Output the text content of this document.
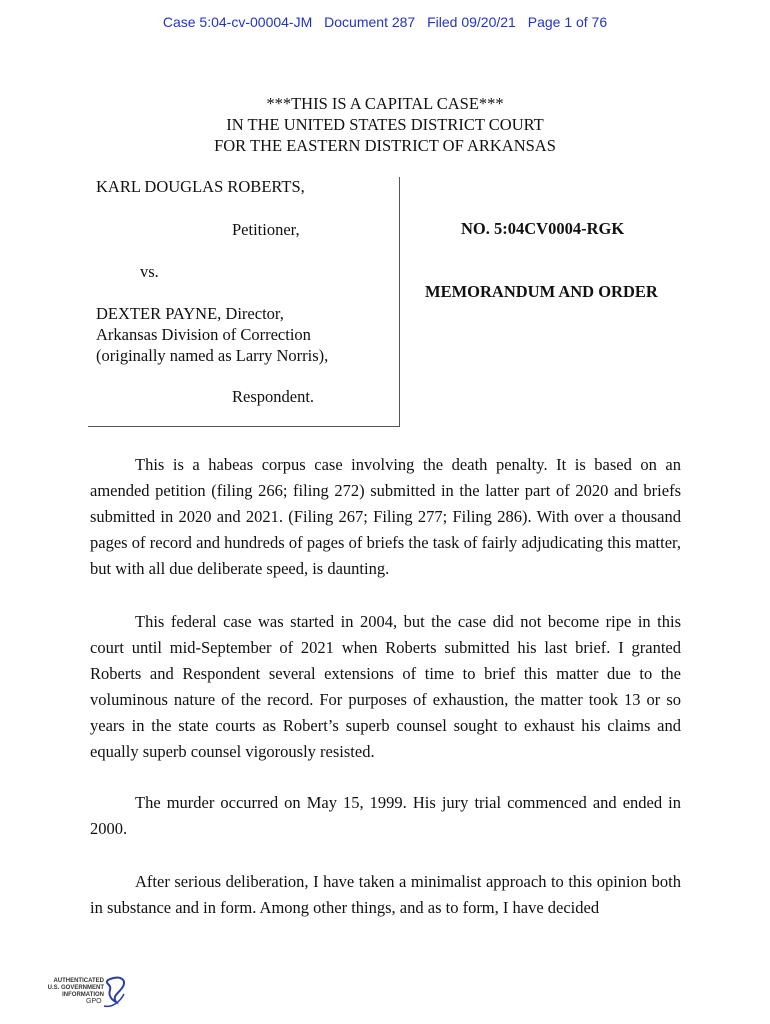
Case 5:04-cv-00004-JM Document 287 Filed 09/20/21 Page 1 of 76
***THIS IS A CAPITAL CASE***
IN THE UNITED STATES DISTRICT COURT
FOR THE EASTERN DISTRICT OF ARKANSAS
KARL DOUGLAS ROBERTS,
Petitioner,
vs.
DEXTER PAYNE, Director,
Arkansas Division of Correction
(originally named as Larry Norris),
Respondent.
NO. 5:04CV0004-RGK
MEMORANDUM AND ORDER

This is a habeas corpus case involving the death penalty. It is based on an amended petition (filing 266; filing 272) submitted in the latter part of 2020 and briefs submitted in 2020 and 2021. (Filing 267; Filing 277; Filing 286). With over a thousand pages of record and hundreds of pages of briefs the task of fairly adjudicating this matter, but with all due deliberate speed, is daunting.

This federal case was started in 2004, but the case did not become ripe in this court until mid-September of 2021 when Roberts submitted his last brief. I granted Roberts and Respondent several extensions of time to brief this matter due to the voluminous nature of the record. For purposes of exhaustion, the matter took 13 or so years in the state courts as Robert’s superb counsel sought to exhaust his claims and equally superb counsel vigorously resisted.

The murder occurred on May 15, 1999. His jury trial commenced and ended in 2000.

After serious deliberation, I have taken a minimalist approach to this opinion both in substance and in form. Among other things, and as to form, I have decided

AUTHENTICATED
U.S. GOVERNMENT
INFORMATION
GPO
